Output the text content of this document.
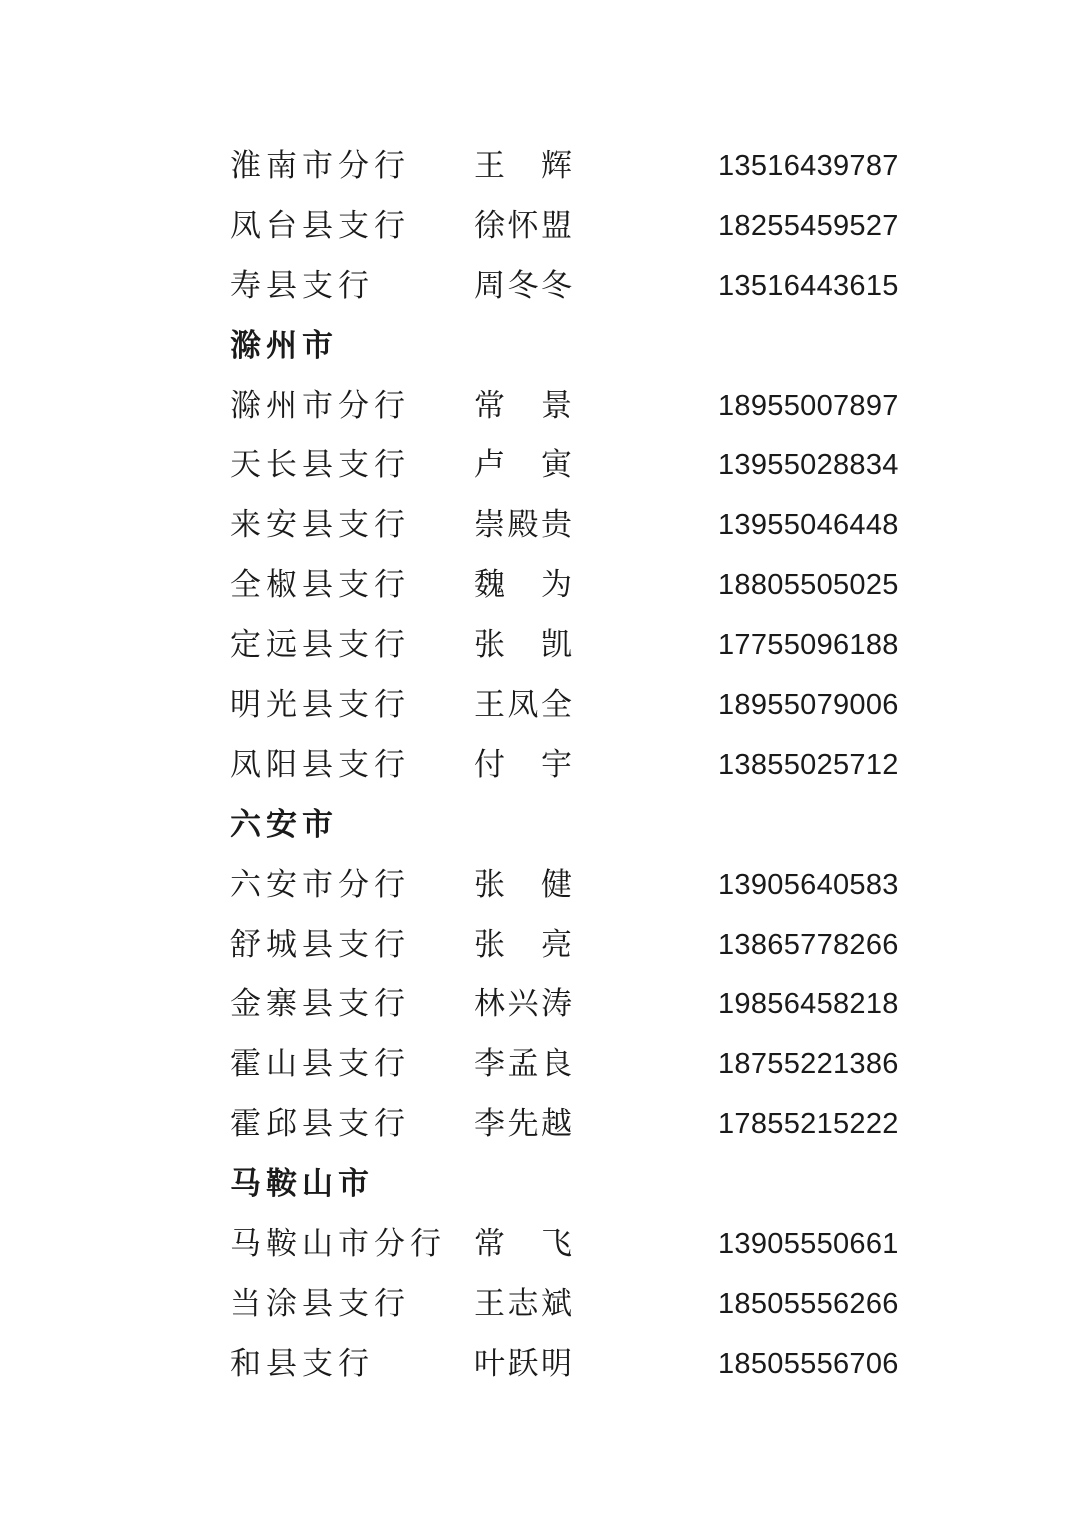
淮南市分行 王　辉	13516439787
凤台县支行 徐怀盟	18255459527
寿县支行	周冬冬	13516443615
滁州市
滁州市分行 常　景	18955007897
天长县支行 卢　寅	13955028834
来安县支行 崇殿贵	13955046448
全椒县支行 魏　为	18805505025
定远县支行 张　凯	17755096188
明光县支行 王凤全	18955079006
凤阳县支行 付　宇	13855025712
六安市
六安市分行 张　健	13905640583
舒城县支行 张　亮	13865778266
金寨县支行 林兴涛	19856458218
霍山县支行 李孟良	18755221386
霍邱县支行 李先越	17855215222
马鞍山市
马鞍山市分行 常　飞	13905550661
当涂县支行 王志斌	18505556266
和县支行	叶跃明	18505556706
